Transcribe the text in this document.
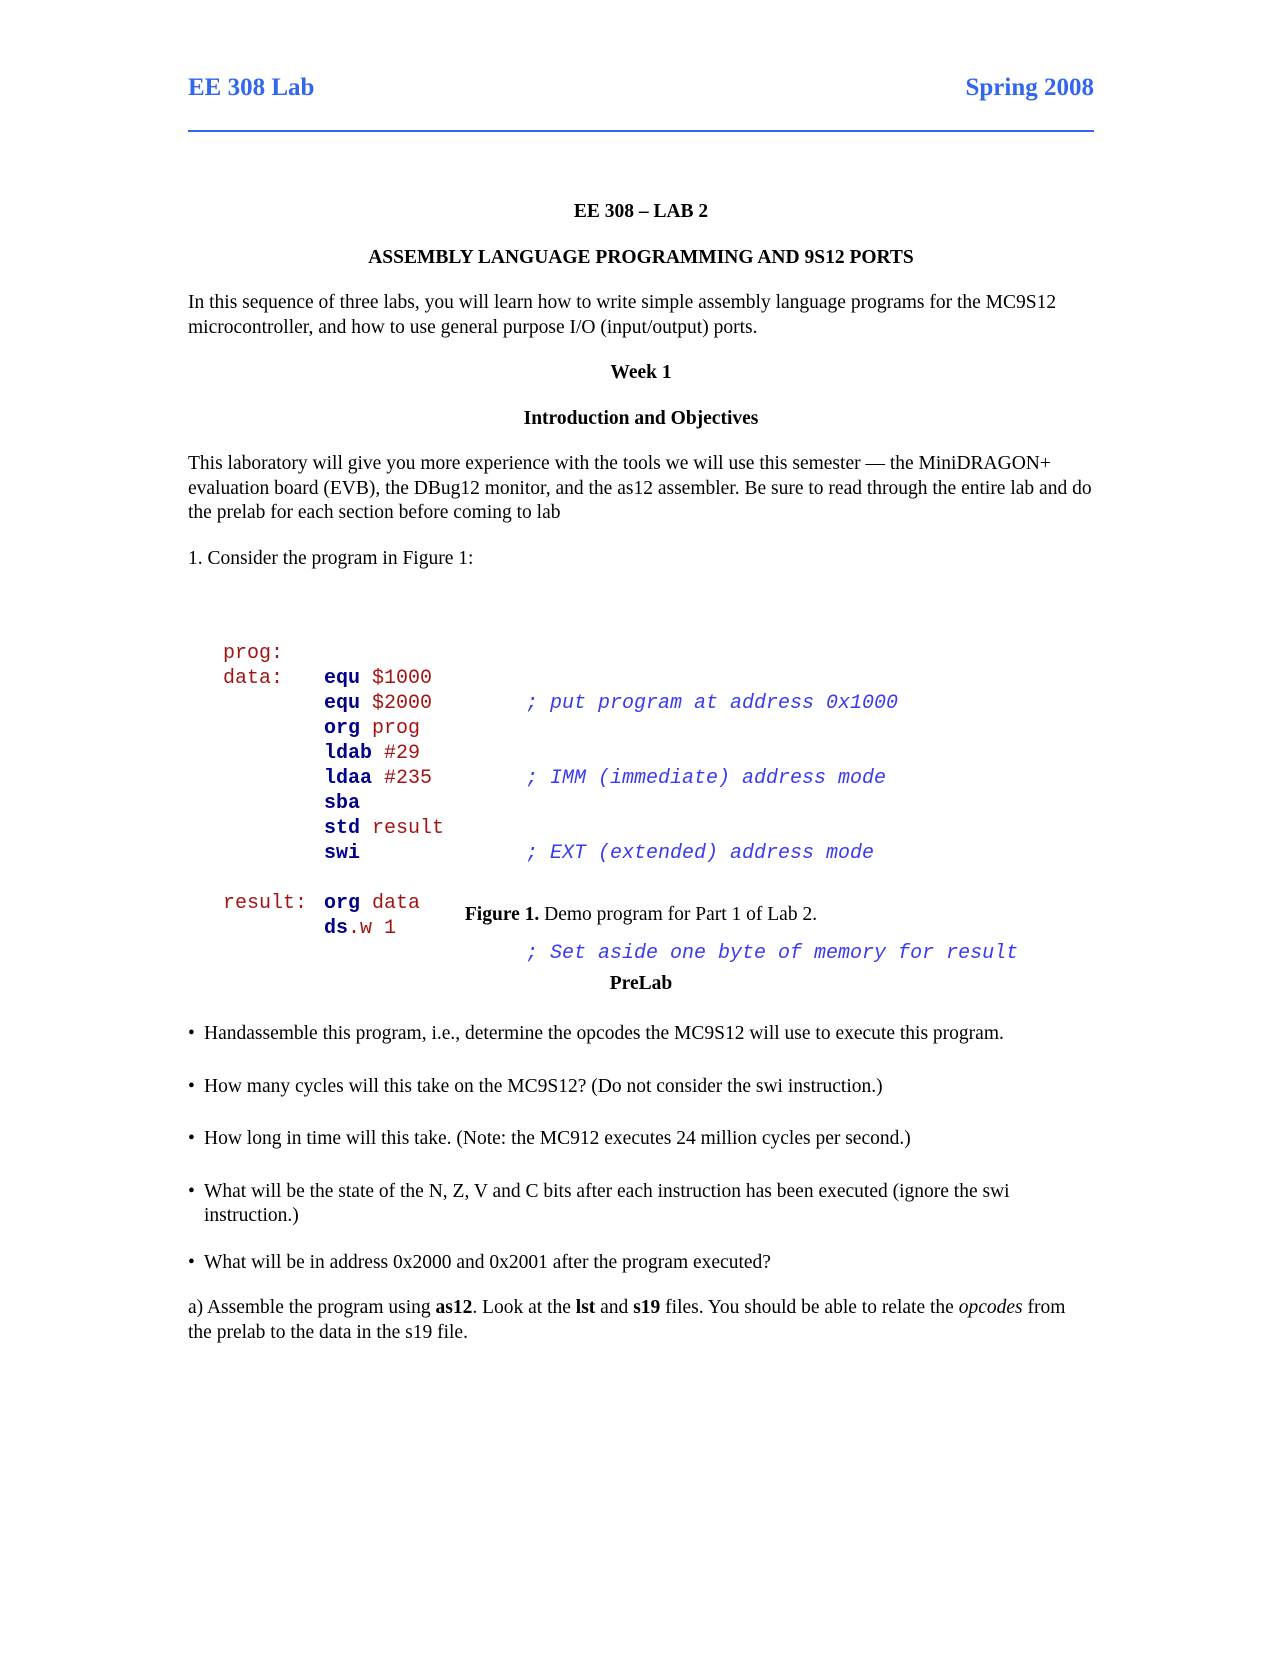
EE 308 Lab	Spring 2008

EE 308 – LAB 2

ASSEMBLY LANGUAGE PROGRAMMING AND 9S12 PORTS

In this sequence of three labs, you will learn how to write simple assembly language programs for the MC9S12 microcontroller, and how to use general purpose I/O (input/output) ports.

Week 1

Introduction and Objectives

This laboratory will give you more experience with the tools we will use this semester — the MiniDRAGON+ evaluation board (EVB), the DBug12 monitor, and the as12 assembler. Be sure to read through the entire lab and do the prelab for each section before coming to lab

1. Consider the program in Figure 1:

prog:

equ $1000

; put program at address 0x1000

data:

equ $2000

org prog

ldab #29

; IMM (immediate) address mode

ldaa #235

sba

std result

; EXT (extended) address mode

swi

org data

result:

ds.w 1

; Set aside one byte of memory for result

Figure 1. Demo program for Part 1 of Lab 2.

PreLab

• Handassemble this program, i.e., determine the opcodes the MC9S12 will use to execute this program.
• How many cycles will this take on the MC9S12? (Do not consider the swi instruction.)
• How long in time will this take. (Note: the MC912 executes 24 million cycles per second.)
• What will be the state of the N, Z, V and C bits after each instruction has been executed (ignore the swi instruction.)
• What will be in address 0x2000 and 0x2001 after the program executed?

a) Assemble the program using as12. Look at the lst and s19 files. You should be able to relate the opcodes from the prelab to the data in the s19 file.
